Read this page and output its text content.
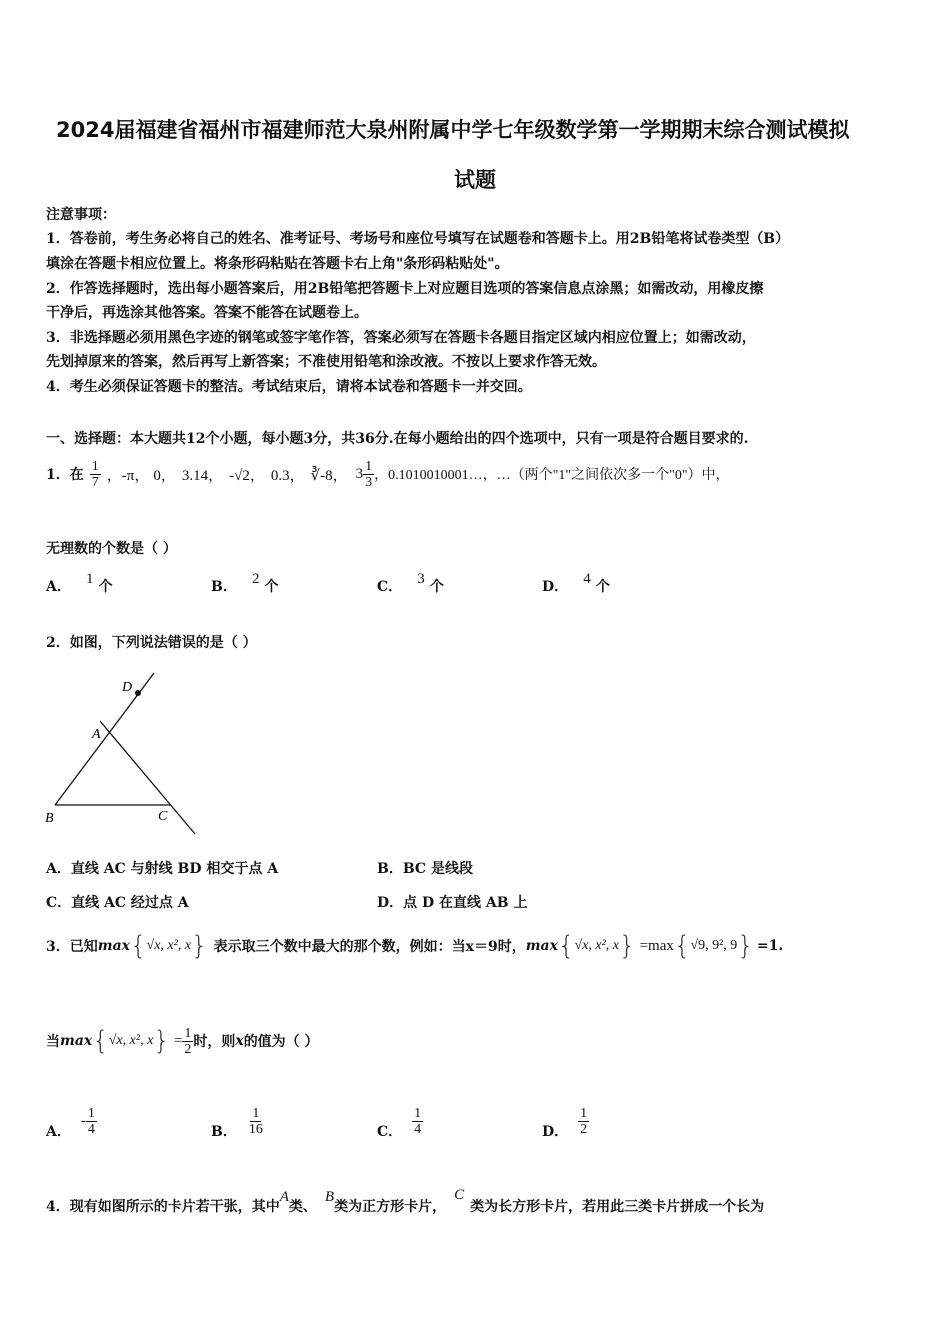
2024届福建省福州市福建师范大泉州附属中学七年级数学第一学期期末综合测试模拟
试题
注意事项：
1．答卷前，考生务必将自己的姓名、准考证号、考场号和座位号填写在试题卷和答题卡上。用2B铅笔将试卷类型（B）
填涂在答题卡相应位置上。将条形码粘贴在答题卡右上角"条形码粘贴处"。
2．作答选择题时，选出每小题答案后，用2B铅笔把答题卡上对应题目选项的答案信息点涂黑；如需改动，用橡皮擦
干净后，再选涂其他答案。答案不能答在试题卷上。
3．非选择题必须用黑色字迹的钢笔或签字笔作答，答案必须写在答题卡各题目指定区域内相应位置上；如需改动，
先划掉原来的答案，然后再写上新答案；不准使用铅笔和涂改液。不按以上要求作答无效。
4．考生必须保证答题卡的整洁。考试结束后，请将本试卷和答题卡一并交回。
一、选择题：本大题共12个小题，每小题3分，共36分.在每小题给出的四个选项中，只有一项是符合题目要求的.
1．在 $\frac{1}{7}$ ，-π， 0， 3.14， -√2， 0.3， ∛-8， $3 \frac{1}{3}$ ，0.1010010001…，…（两个"1"之间依次多一个"0"）中，
无理数的个数是（ ）
A． 1 个	B． 2 个	C． 3 个	D． 4 个
2．如图，下列说法错误的是（ ）
D
A
B	C
A．直线 AC 与射线 BD 相交于点 A	B．BC 是线段
C．直线 AC 经过点 A	D．点 D 在直线 AB 上
3．已知 max { √x, x², x } 表示取三个数中最大的那个数，例如：当 x＝9时， max { √x, x², x } =max { √9, 9², 9 } =1.
当 max { √x, x², x } = $\frac{1}{2}$ 时，则 x 的值为（ ）
A．
- $\frac{1}{4}$	B． $\frac{1}{16}$	C． $\frac{1}{4}$	D． $\frac{1}{2}$
4．现有如图所示的卡片若干张，其中
A
类、
B
类为正方形卡片，
C
类为长方形卡片，若用此三类卡片拼成一个长为
